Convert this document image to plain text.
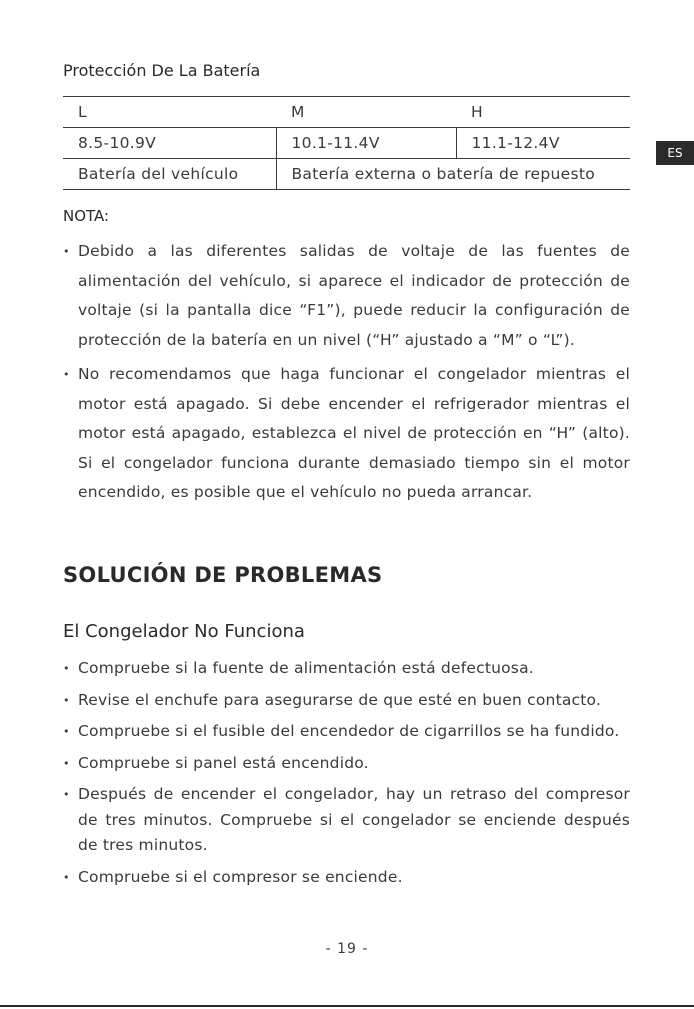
Protección De La Batería
L	M	H
8.5-10.9V	10.1-11.4V	11.1-12.4V
Batería del vehículo	Batería externa o batería de repuesto	
ES
NOTA:
• Debido a las diferentes salidas de voltaje de las fuentes de alimentación del vehículo, si aparece el indicador de protección de voltaje (si la pantalla dice “F1”), puede reducir la configuración de protección de la batería en un nivel (“H” ajustado a “M” o “L”).
• No recomendamos que haga funcionar el congelador mientras el motor está apagado. Si debe encender el refrigerador mientras el motor está apagado, establezca el nivel de protección en “H” (alto). Si el congelador funciona durante demasiado tiempo sin el motor encendido, es posible que el vehículo no pueda arrancar.
SOLUCIÓN DE PROBLEMAS
El Congelador No Funciona
• Compruebe si la fuente de alimentación está defectuosa.
• Revise el enchufe para asegurarse de que esté en buen contacto.
• Compruebe si el fusible del encendedor de cigarrillos se ha fundido.
• Compruebe si panel está encendido.
• Después de encender el congelador, hay un retraso del compresor de tres minutos. Compruebe si el congelador se enciende después de tres minutos.
• Compruebe si el compresor se enciende.
- 19 -
